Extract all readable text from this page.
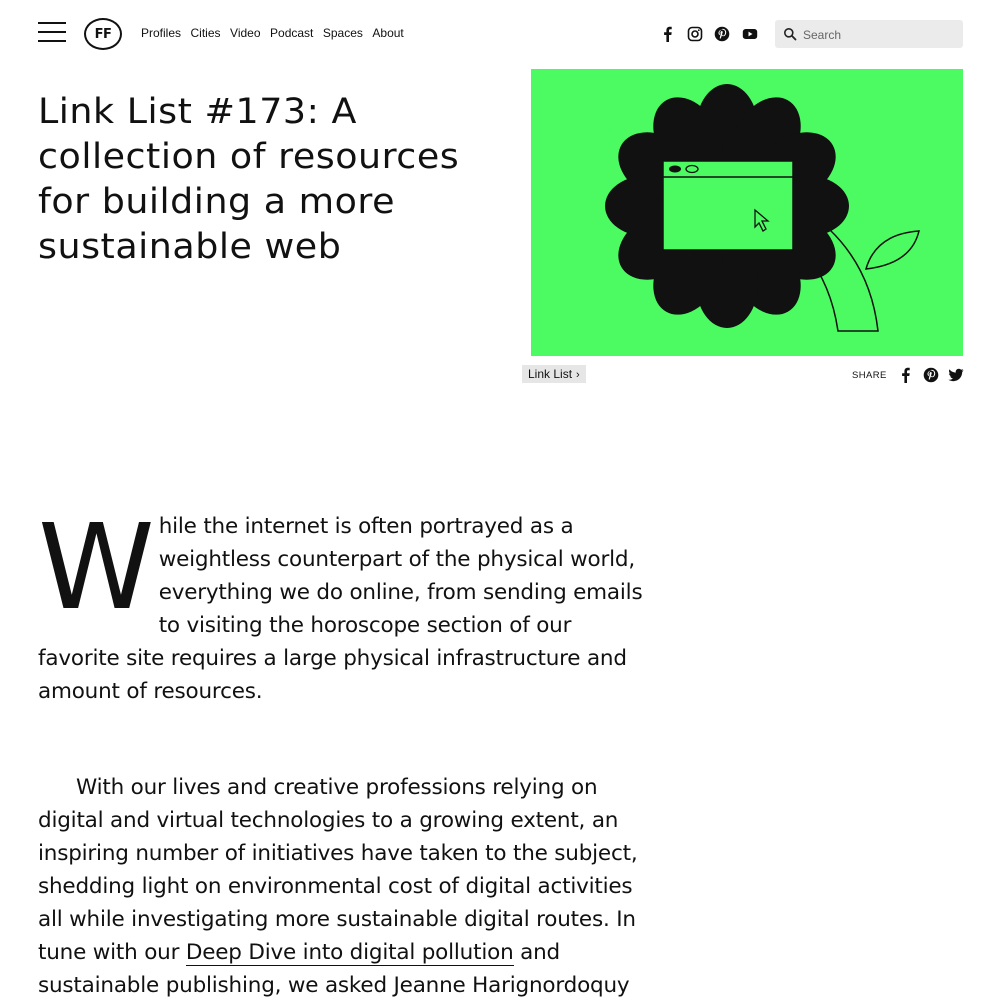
FF	Profiles Cities Video Podcast Spaces About
Search
Link List #173: A collection of resources for building a more sustainable web
Link List ›	SHARE

While the internet is often portrayed as a weightless counterpart of the physical world, everything we do online, from sending emails to visiting the horoscope section of our favorite site requires a large physical infrastructure and amount of resources.

With our lives and creative professions relying on digital and virtual technologies to a growing extent, an inspiring number of initiatives have taken to the subject, shedding light on environmental cost of digital activities all while investigating more sustainable digital routes. In tune with our Deep Dive into digital pollution and sustainable publishing, we asked Jeanne Harignordoquy
